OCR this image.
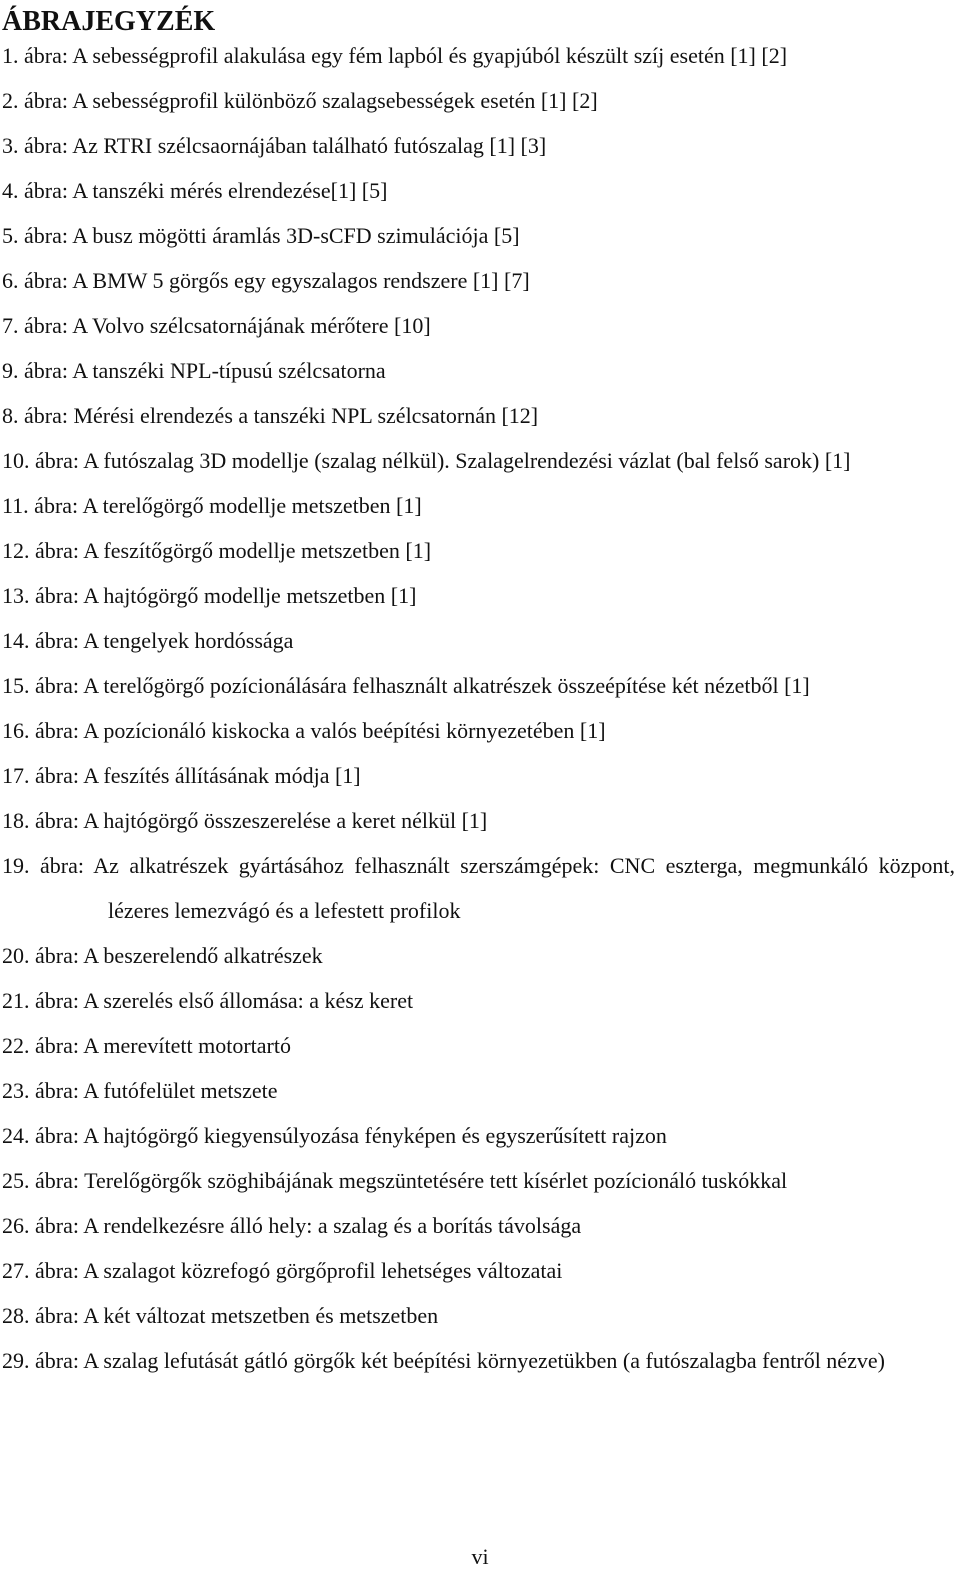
ÁBRAJEGYZÉK
1. ábra: A sebességprofil alakulása egy fém lapból és gyapjúból készült szíj esetén [1] [2]
2. ábra: A sebességprofil különböző szalagsebességek esetén [1] [2]
3. ábra: Az RTRI szélcsaornájában található futószalag [1] [3]
4. ábra: A tanszéki mérés elrendezése[1] [5]
5. ábra: A busz mögötti áramlás 3D-sCFD szimulációja [5]
6. ábra: A BMW 5 görgős egy egyszalagos rendszere [1] [7]
7. ábra: A Volvo szélcsatornájának mérőtere [10]
9. ábra: A tanszéki NPL-típusú szélcsatorna
8. ábra: Mérési elrendezés a tanszéki NPL szélcsatornán [12]
10. ábra: A futószalag 3D modellje (szalag nélkül). Szalagelrendezési vázlat (bal felső sarok) [1]
11. ábra: A terelőgörgő modellje metszetben [1]
12. ábra: A feszítőgörgő modellje metszetben [1]
13. ábra: A hajtógörgő modellje metszetben [1]
14. ábra: A tengelyek hordóssága
15. ábra: A terelőgörgő pozícionálására felhasznált alkatrészek összeépítése két nézetből [1]
16. ábra: A pozícionáló kiskocka a valós beépítési környezetében [1]
17. ábra: A feszítés állításának módja [1]
18. ábra: A hajtógörgő összeszerelése a keret nélkül [1]
19. ábra: Az alkatrészek gyártásához felhasznált szerszámgépek: CNC eszterga, megmunkáló központ, lézeres lemezvágó és a lefestett profilok
20. ábra: A beszerelendő alkatrészek
21. ábra: A szerelés első állomása: a kész keret
22. ábra: A merevített motortartó
23. ábra: A futófelület metszete
24. ábra: A hajtógörgő kiegyensúlyozása fényképen és egyszerűsített rajzon
25. ábra: Terelőgörgők szöghibájának megszüntetésére tett kísérlet pozícionáló tuskókkal
26. ábra: A rendelkezésre álló hely: a szalag és a borítás távolsága
27. ábra: A szalagot közrefogó görgőprofil lehetséges változatai
28. ábra: A két változat metszetben és metszetben
29. ábra: A szalag lefutását gátló görgők két beépítési környezetükben (a futószalagba fentről nézve)
vi
